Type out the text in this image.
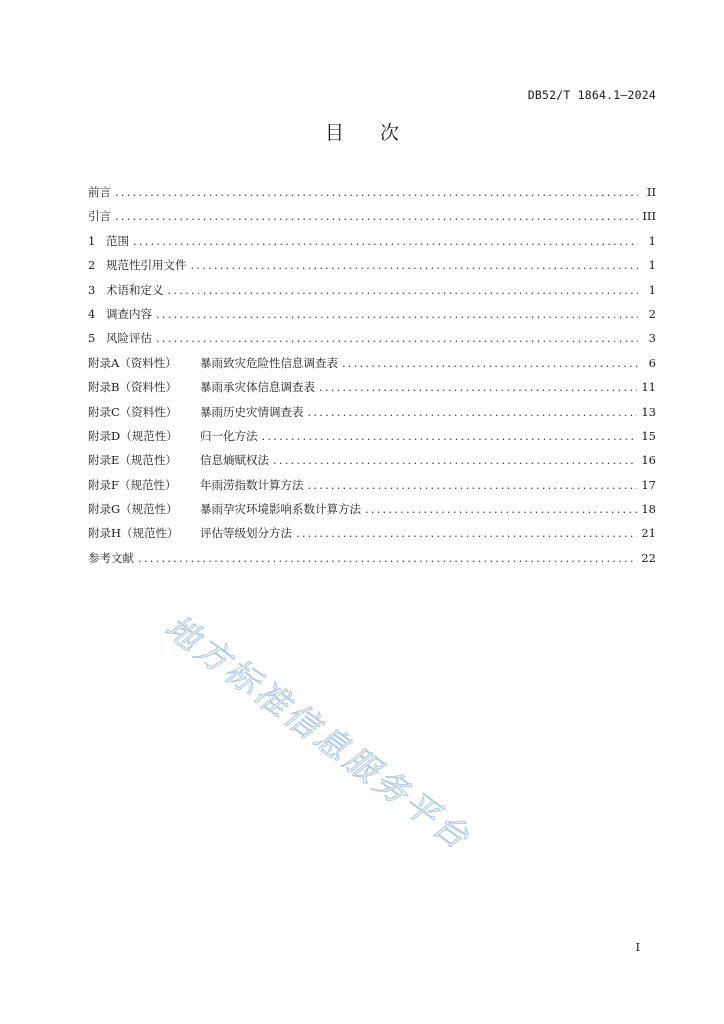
DB52/T 1864.1—2024
目次
前言 .....	II
引言 .....	III
1 范围 .....	1
2 规范性引用文件 .....	1
3 术语和定义 .....	1
4 调查内容 .....	2
5 风险评估 .....	3
附录A（资料性） 暴雨致灾危险性信息调查表 .....	6
附录B（资料性） 暴雨承灾体信息调查表 .....	11
附录C（资料性） 暴雨历史灾情调查表 .....	13
附录D（规范性） 归一化方法 .....	15
附录E（规范性） 信息熵赋权法 .....	16
附录F（规范性） 年雨涝指数计算方法 .....	17
附录G（规范性） 暴雨孕灾环境影响系数计算方法 .....	18
附录H（规范性） 评估等级划分方法 .....	21
参考文献 .....	22
地方标准信息服务平台
I
